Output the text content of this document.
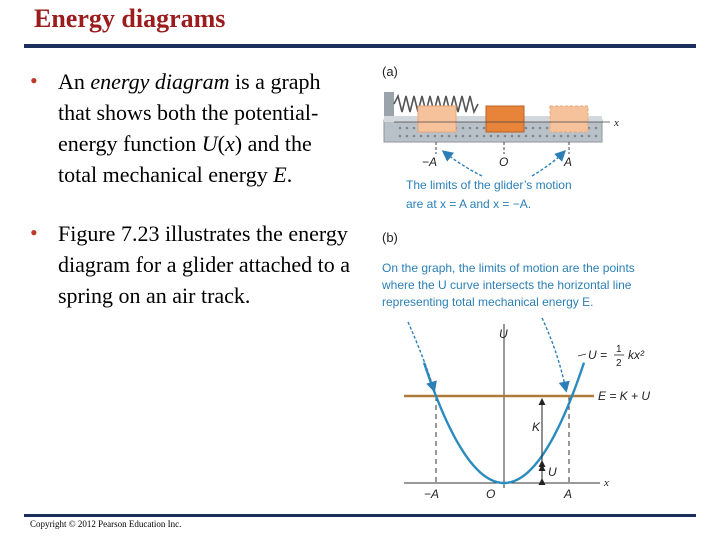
Energy diagrams
• An energy diagram is a graph that shows both the potential-energy function U(x) and the total mechanical energy E.
• Figure 7.23 illustrates the energy diagram for a glider attached to a spring on an air track.
(a)
x
−A	O	A
The limits of the glider’s motion
are at x = A and x = −A.
(b)
On the graph, the limits of motion are the points
where the U curve intersects the horizontal line
representing total mechanical energy E.
U
x
E = K + U
U = 1
2
kx²
K
U
−A	O	A
Copyright © 2012 Pearson Education Inc.
